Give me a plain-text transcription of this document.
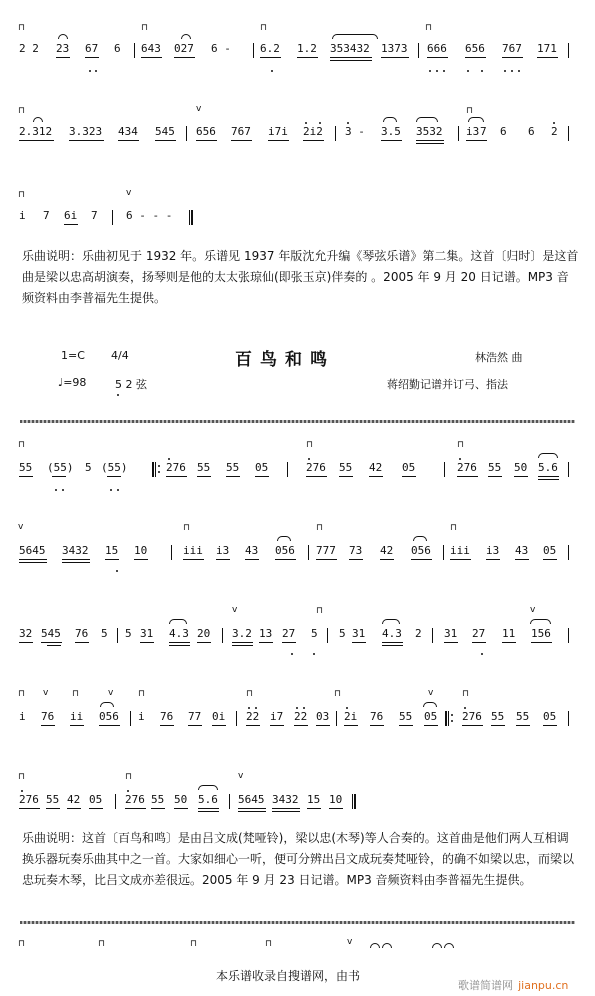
⊓	⊓	⊓	⊓
2 2 23 67 6 643 027 6 -	6.2 1.2 353432 1373 666 656 767 171
⊓	v	⊓
2.312 3.323 434 545 656 767 i7i 2i2 3 - 3.5 3532 i3 7 6 6 2
⊓	v
i 7 6i 7	6 - - -
乐曲说明：乐曲初见于 1932 年。乐谱见 1937 年版沈允升编《琴弦乐谱》第二集。这首〔归时〕是这首曲是梁以忠高胡演奏，扬琴则是他的太太张琼仙(即张玉京)伴奏的 。2005 年 9 月 20 日记谱。MP3 音频资料由李普福先生提供。
1=C 4/4	百鸟和鸣	林浩然 曲
♩=98	5 2 弦	蒋绍勤记谱并订弓、指法
⊓	⊓	⊓
55 (55) 5 (55)	276 55 55 05	276 55 42 05	276 55 50 5.6
v	⊓	⊓	⊓
5645 3432 15 10	iii i3 43 056 777 73 42 056 iii i3 43 05
v	⊓	v
32 545 76 5 5 31 4.3 20 3.2 13 27 5 5 31 4.3 2 31 27 11 156
⊓ v	⊓	v	⊓	⊓	⊓	v	⊓
i 76 ii 056 i 76 77 0i 22 i7 22 03 2i 76 55 05 276 55 55 05
⊓	⊓	v
276 55 42 05 276 55 50 5.6 5645 3432 15 10
乐曲说明：这首〔百鸟和鸣〕是由吕文成(梵哑铃)，梁以忠(木琴)等人合奏的。这首曲是他们两人互相调换乐器玩奏乐曲其中之一首。大家如细心一听，便可分辨出吕文成玩奏梵哑铃，的确不如梁以忠，而梁以忠玩奏木琴，比吕文成亦差很远。2005 年 9 月 23 日记谱。MP3 音频资料由李普福先生提供。
⊓	⊓	⊓	⊓	v
本乐谱收录自搜谱网，由书
歌谱简谱网 jianpu.cn
